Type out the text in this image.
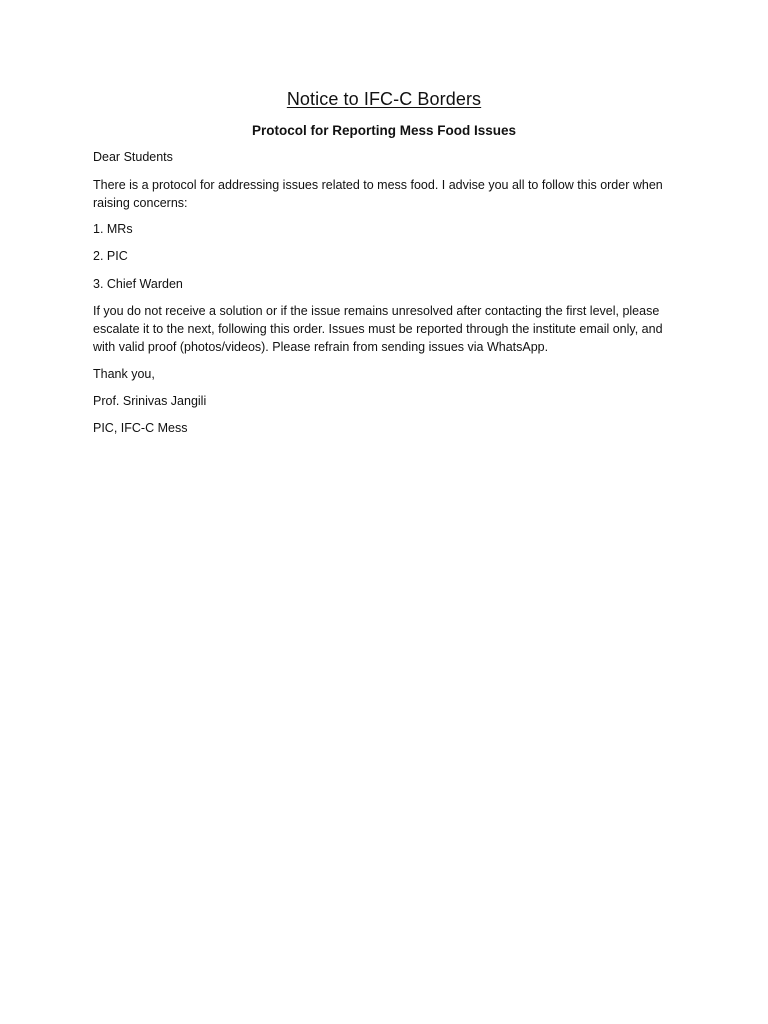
Notice to IFC-C Borders
Protocol for Reporting Mess Food Issues
Dear Students
There is a protocol for addressing issues related to mess food. I advise you all to follow this order when raising concerns:
1. MRs
2. PIC
3. Chief Warden
If you do not receive a solution or if the issue remains unresolved after contacting the first level, please escalate it to the next, following this order. Issues must be reported through the institute email only, and with valid proof (photos/videos). Please refrain from sending issues via WhatsApp.
Thank you,
Prof. Srinivas Jangili
PIC, IFC-C Mess
